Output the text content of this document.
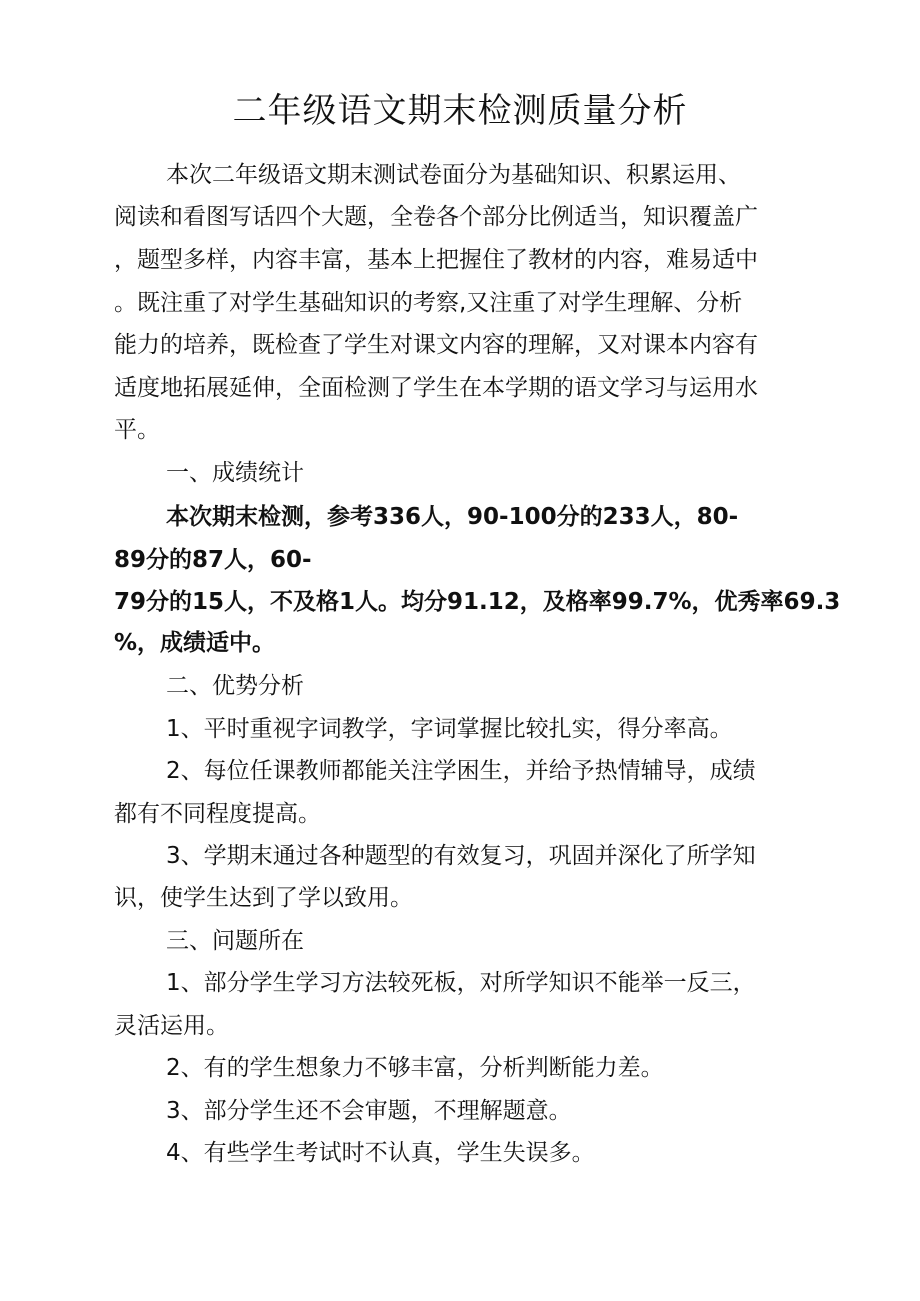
二年级语文期末检测质量分析

本次二年级语文期末测试卷面分为基础知识、积累运用、

阅读和看图写话四个大题，全卷各个部分比例适当，知识覆盖广

，题型多样，内容丰富，基本上把握住了教材的内容，难易适中

。既注重了对学生基础知识的考察,又注重了对学生理解、分析

能力的培养，既检查了学生对课文内容的理解，又对课本内容有

适度地拓展延伸，全面检测了学生在本学期的语文学习与运用水

平。

一、成绩统计

本次期末检测，参考336人，90-100分的233人，80-

89分的87人，60-

79分的15人，不及格1人。均分91.12，及格率99.7%，优秀率69.3

%，成绩适中。

二、优势分析

1、平时重视字词教学，字词掌握比较扎实，得分率高。

2、每位任课教师都能关注学困生，并给予热情辅导，成绩

都有不同程度提高。

3、学期末通过各种题型的有效复习，巩固并深化了所学知

识，使学生达到了学以致用。

三、问题所在

1、部分学生学习方法较死板，对所学知识不能举一反三，

灵活运用。

2、有的学生想象力不够丰富，分析判断能力差。

3、部分学生还不会审题，不理解题意。

4、有些学生考试时不认真，学生失误多。
